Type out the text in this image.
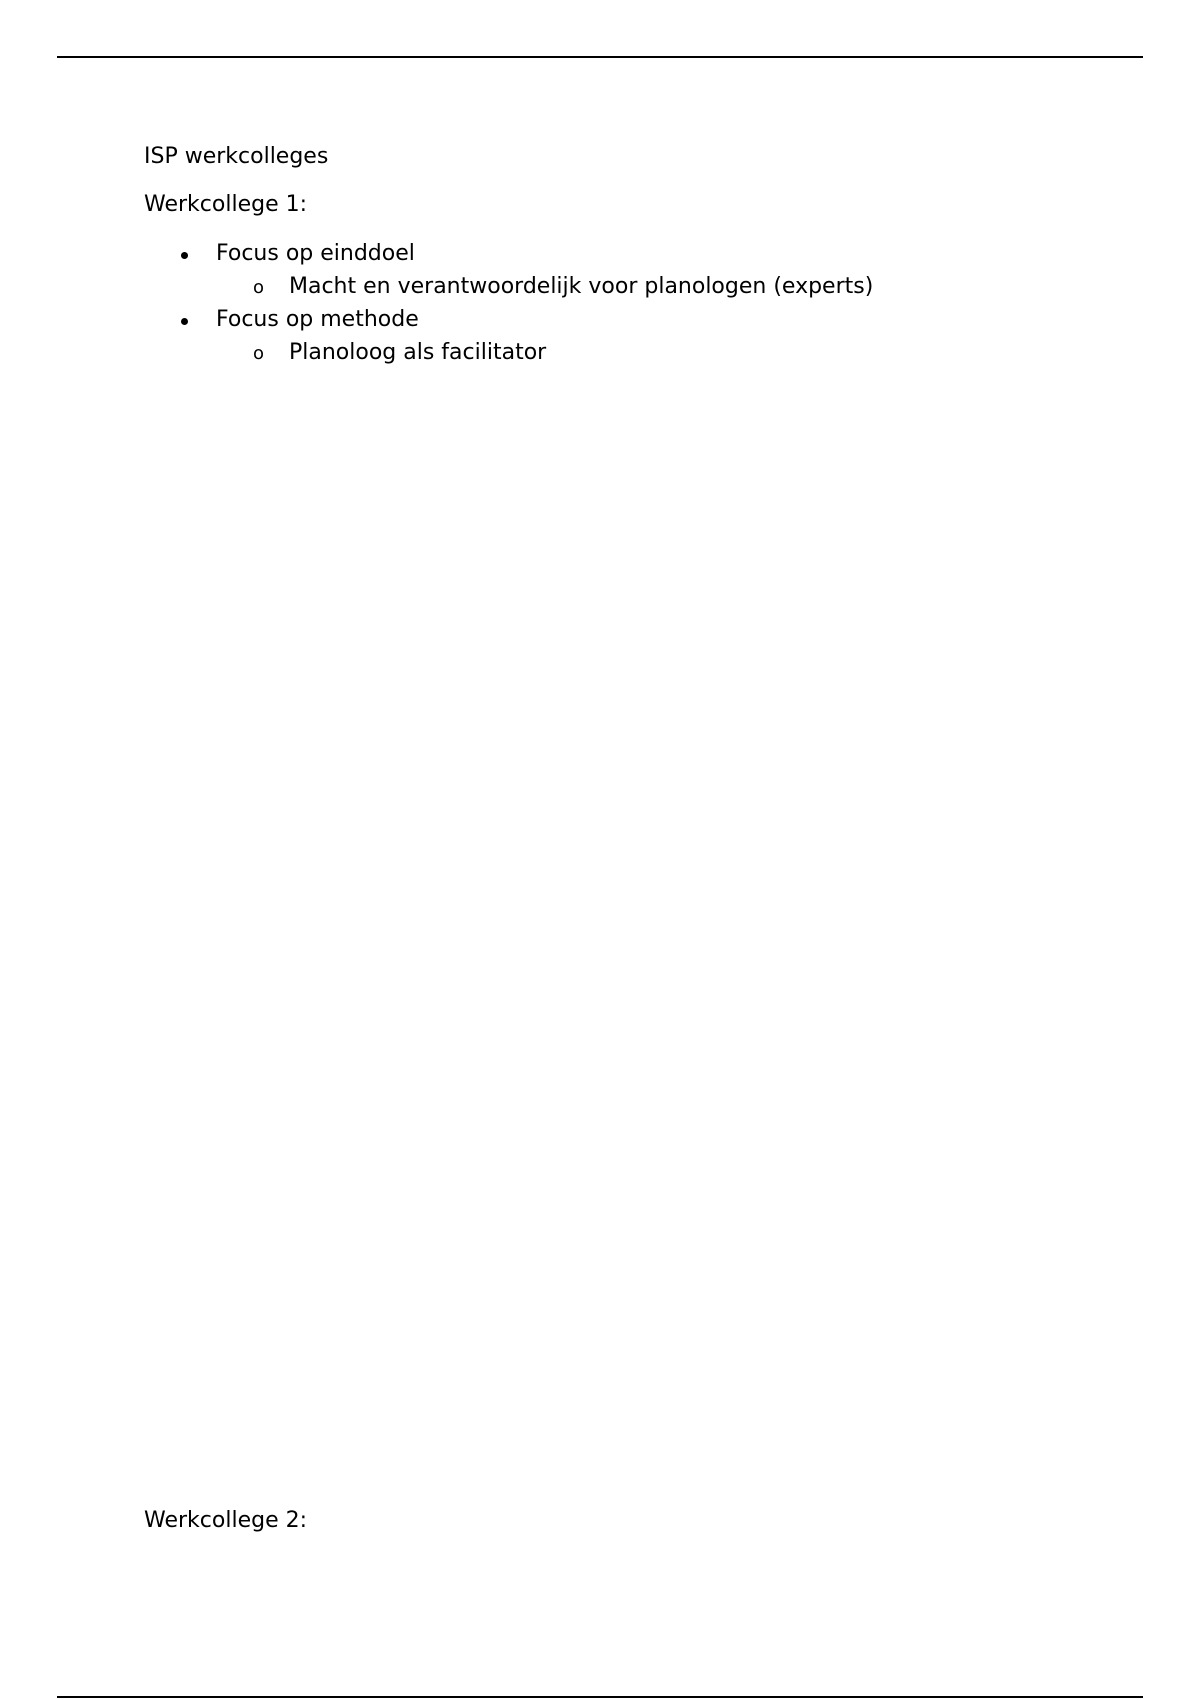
ISP werkcolleges
Werkcollege 1:
Focus op einddoel
o Macht en verantwoordelijk voor planologen (experts)
Focus op methode
o Planoloog als facilitator
Werkcollege 2:
